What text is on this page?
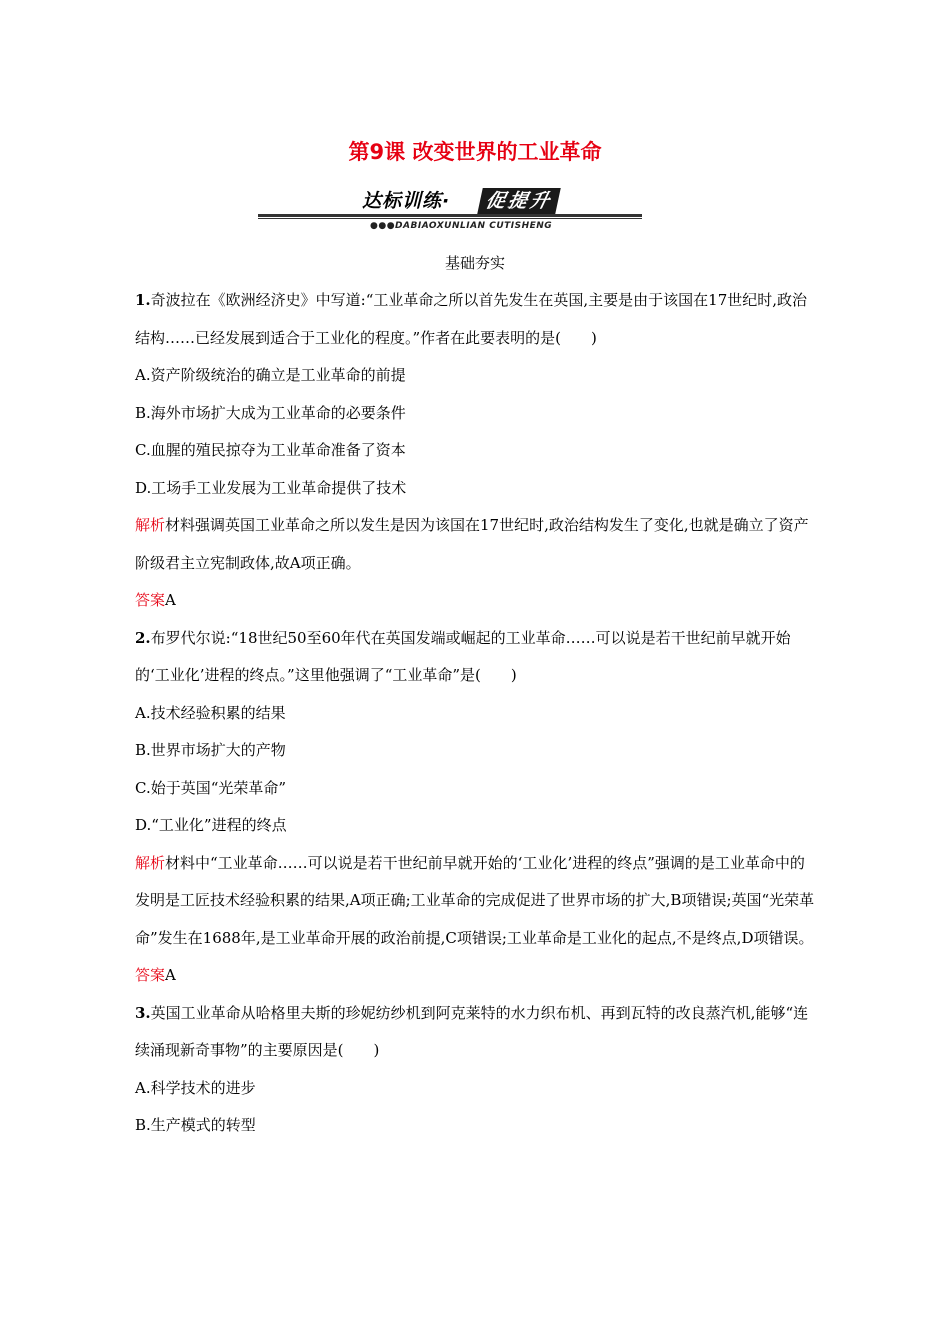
第9课 改变世界的工业革命
达标训练·	促提升
●●●DABIAOXUNLIAN CUTISHENG
基础夯实

1.奇波拉在《欧洲经济史》中写道:“工业革命之所以首先发生在英国,主要是由于该国在17世纪时,政治结构……已经发展到适合于工业化的程度。”作者在此要表明的是(　　)

A.资产阶级统治的确立是工业革命的前提

B.海外市场扩大成为工业革命的必要条件

C.血腥的殖民掠夺为工业革命准备了资本

D.工场手工业发展为工业革命提供了技术

解析材料强调英国工业革命之所以发生是因为该国在17世纪时,政治结构发生了变化,也就是确立了资产阶级君主立宪制政体,故A项正确。

答案A

2.布罗代尔说:“18世纪50至60年代在英国发端或崛起的工业革命……可以说是若干世纪前早就开始的‘工业化’进程的终点。”这里他强调了“工业革命”是(　　)

A.技术经验积累的结果

B.世界市场扩大的产物

C.始于英国“光荣革命”

D.“工业化”进程的终点

解析材料中“工业革命……可以说是若干世纪前早就开始的‘工业化’进程的终点”强调的是工业革命中的发明是工匠技术经验积累的结果,A项正确;工业革命的完成促进了世界市场的扩大,B项错误;英国“光荣革命”发生在1688年,是工业革命开展的政治前提,C项错误;工业革命是工业化的起点,不是终点,D项错误。

答案A

3.英国工业革命从哈格里夫斯的珍妮纺纱机到阿克莱特的水力织布机、再到瓦特的改良蒸汽机,能够“连续涌现新奇事物”的主要原因是(　　)

A.科学技术的进步

B.生产模式的转型
